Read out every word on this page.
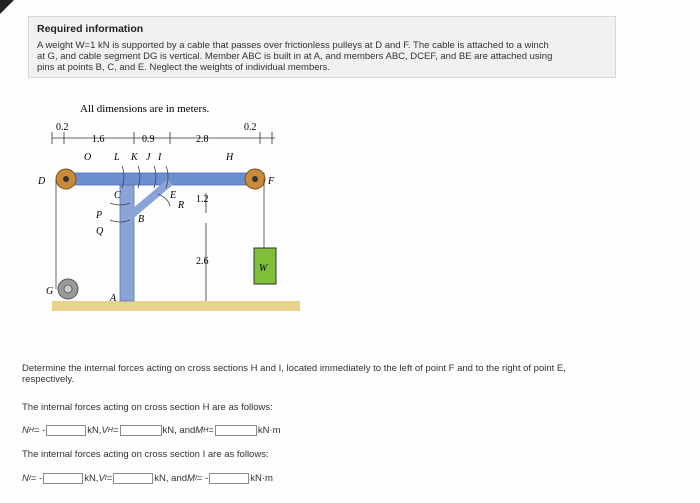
Required information
A weight W=1 kN is supported by a cable that passes over frictionless pulleys at D and F. The cable is attached to a winch
at G, and cable segment DG is vertical. Member ABC is built in at A, and members ABC, DCEF, and BE are attached using
pins at points B, C, and E. Neglect the weights of individual members.
All dimensions are in meters.
0.2
1.6	0.9	2.8
0.2
1.2
2.6
O L K J I	H
W
D	F
C	E
R
P	B
Q
G
A
Determine the internal forces acting on cross sections H and I, located immediately to the left of point F and to the right of point E,
respectively.
The internal forces acting on cross section H are as follows:
N H = -	kN, V H =	kN, and M H =	kN·m
The internal forces acting on cross section I are as follows:
N I = -	kN, V I =	kN, and M I = -	kN·m
